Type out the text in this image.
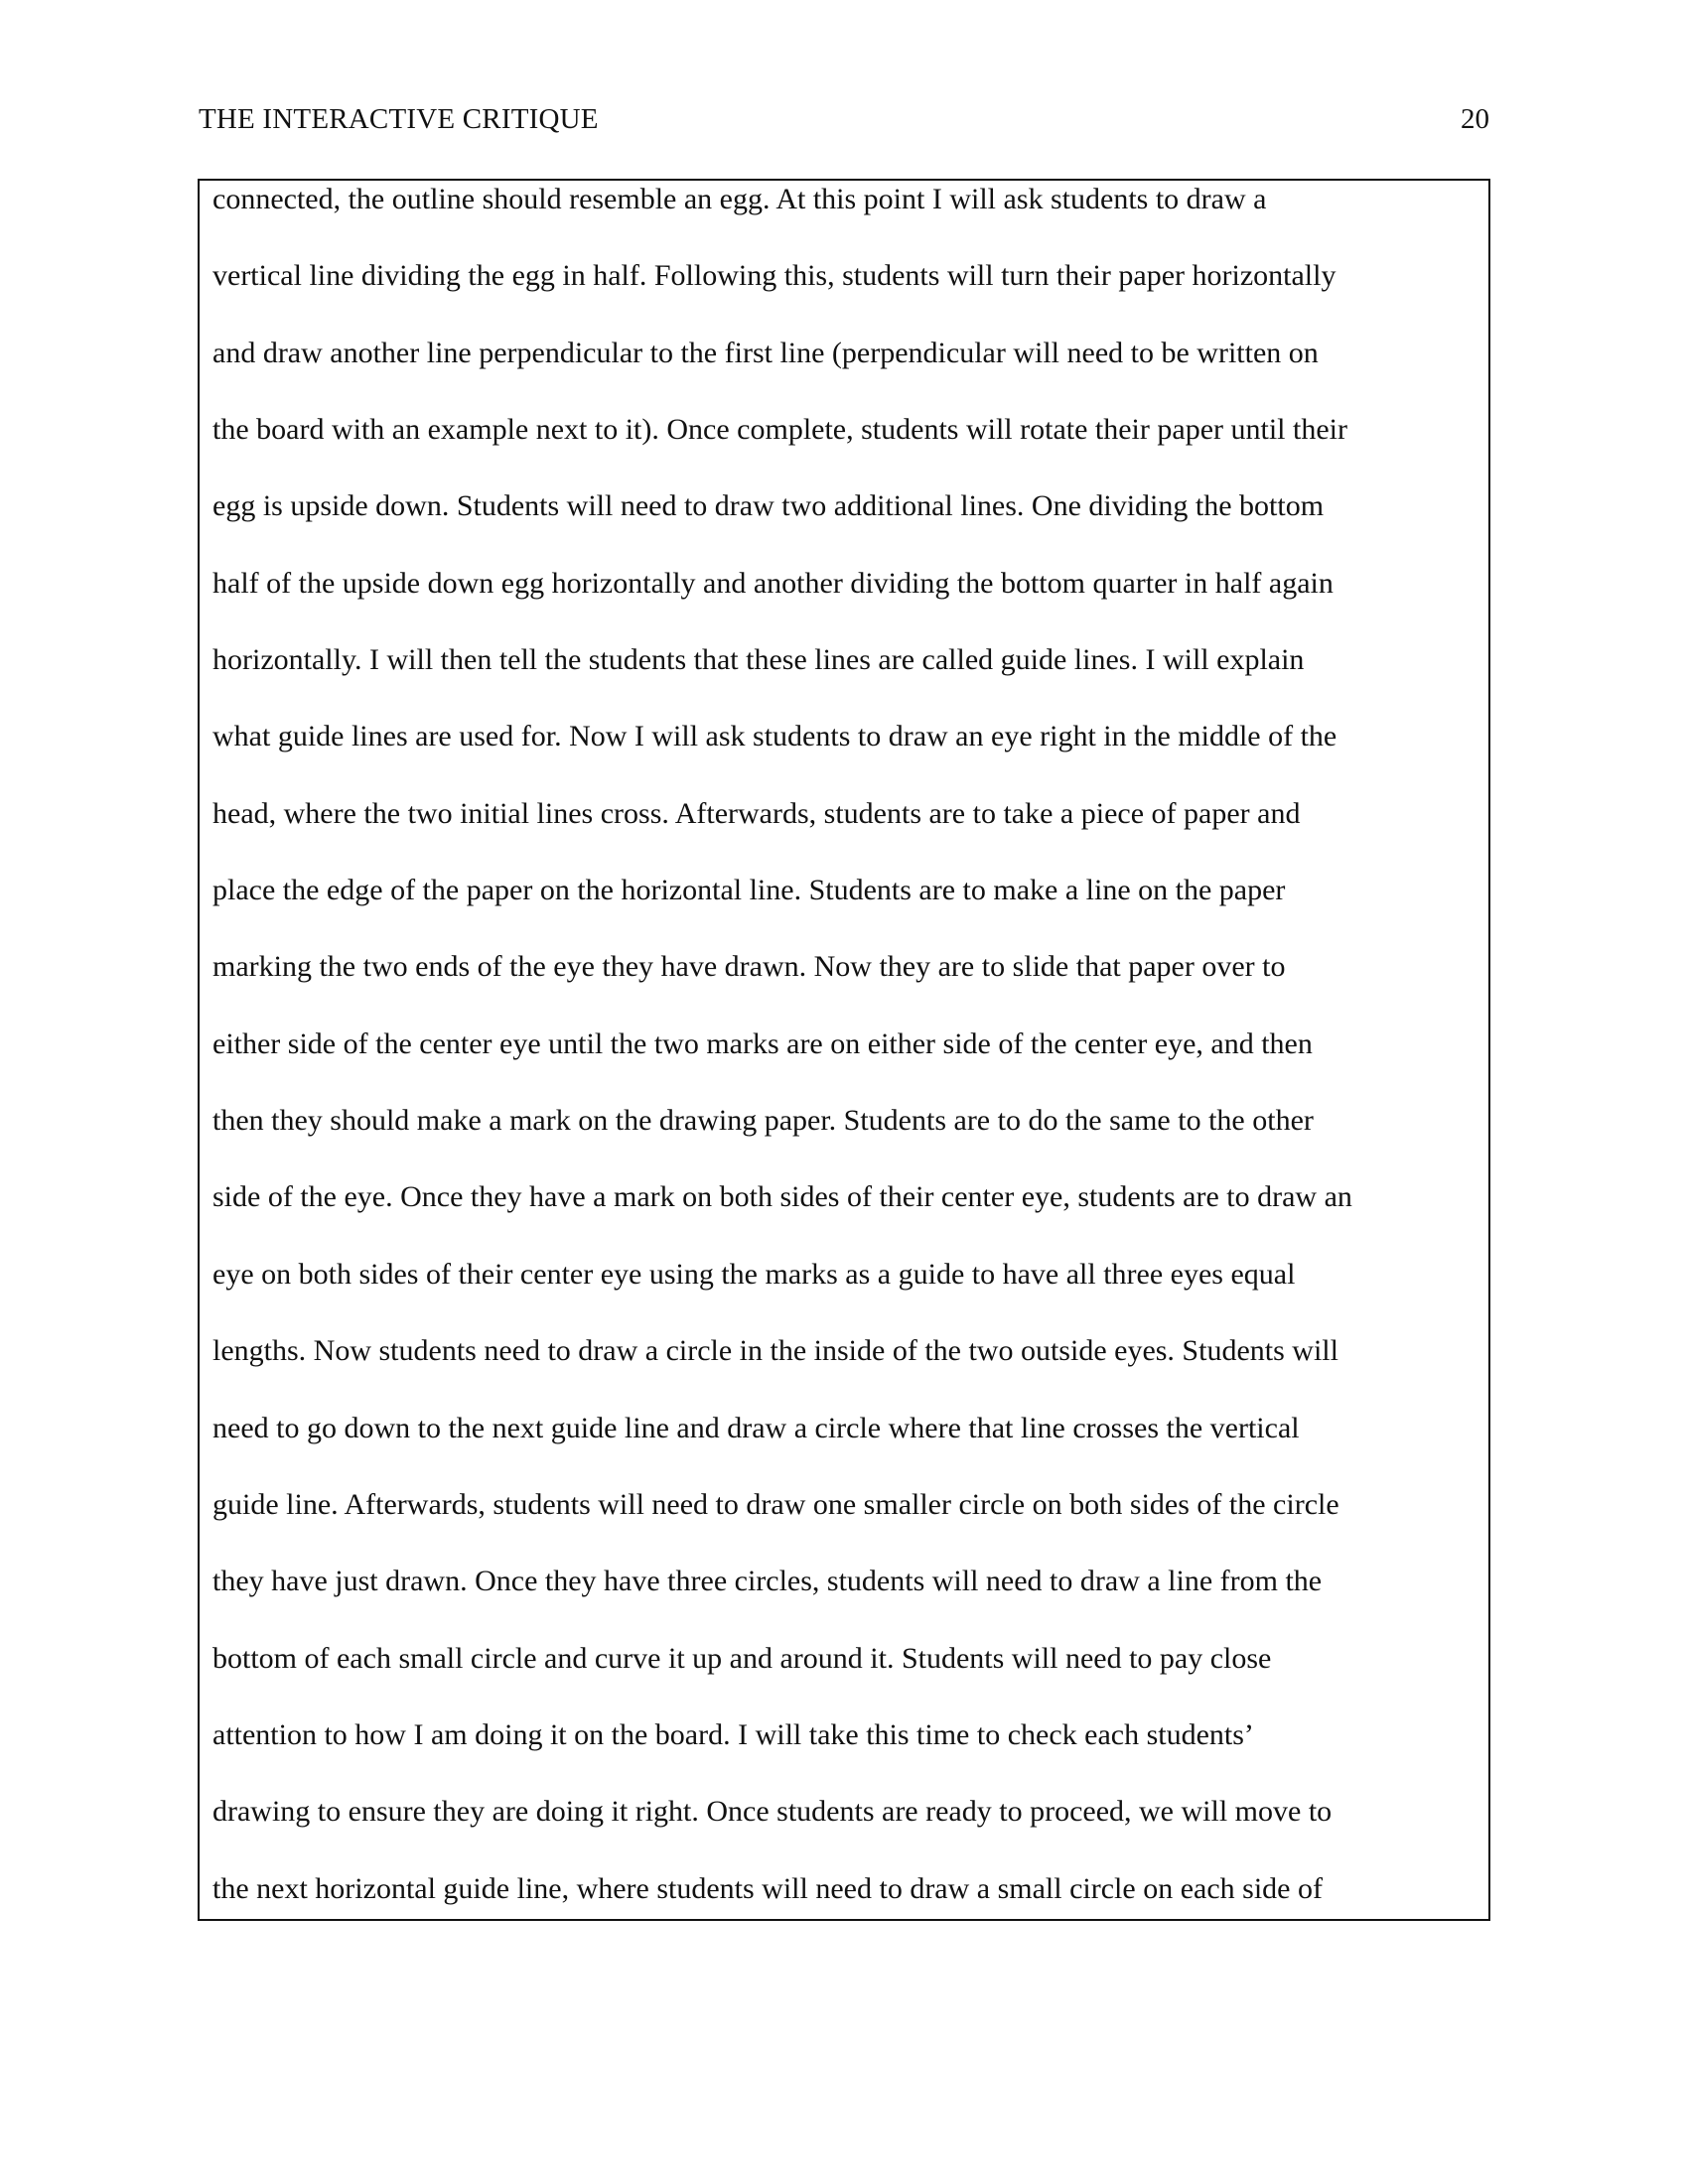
THE INTERACTIVE CRITIQUE	20
connected, the outline should resemble an egg. At this point I will ask students to draw a
vertical line dividing the egg in half. Following this, students will turn their paper horizontally
and draw another line perpendicular to the first line (perpendicular will need to be written on
the board with an example next to it). Once complete, students will rotate their paper until their
egg is upside down. Students will need to draw two additional lines. One dividing the bottom
half of the upside down egg horizontally and another dividing the bottom quarter in half again
horizontally. I will then tell the students that these lines are called guide lines. I will explain
what guide lines are used for. Now I will ask students to draw an eye right in the middle of the
head, where the two initial lines cross. Afterwards, students are to take a piece of paper and
place the edge of the paper on the horizontal line. Students are to make a line on the paper
marking the two ends of the eye they have drawn. Now they are to slide that paper over to
either side of the center eye until the two marks are on either side of the center eye, and then
then they should make a mark on the drawing paper. Students are to do the same to the other
side of the eye. Once they have a mark on both sides of their center eye, students are to draw an
eye on both sides of their center eye using the marks as a guide to have all three eyes equal
lengths. Now students need to draw a circle in the inside of the two outside eyes. Students will
need to go down to the next guide line and draw a circle where that line crosses the vertical
guide line. Afterwards, students will need to draw one smaller circle on both sides of the circle
they have just drawn. Once they have three circles, students will need to draw a line from the
bottom of each small circle and curve it up and around it. Students will need to pay close
attention to how I am doing it on the board. I will take this time to check each students’
drawing to ensure they are doing it right. Once students are ready to proceed, we will move to
the next horizontal guide line, where students will need to draw a small circle on each side of
